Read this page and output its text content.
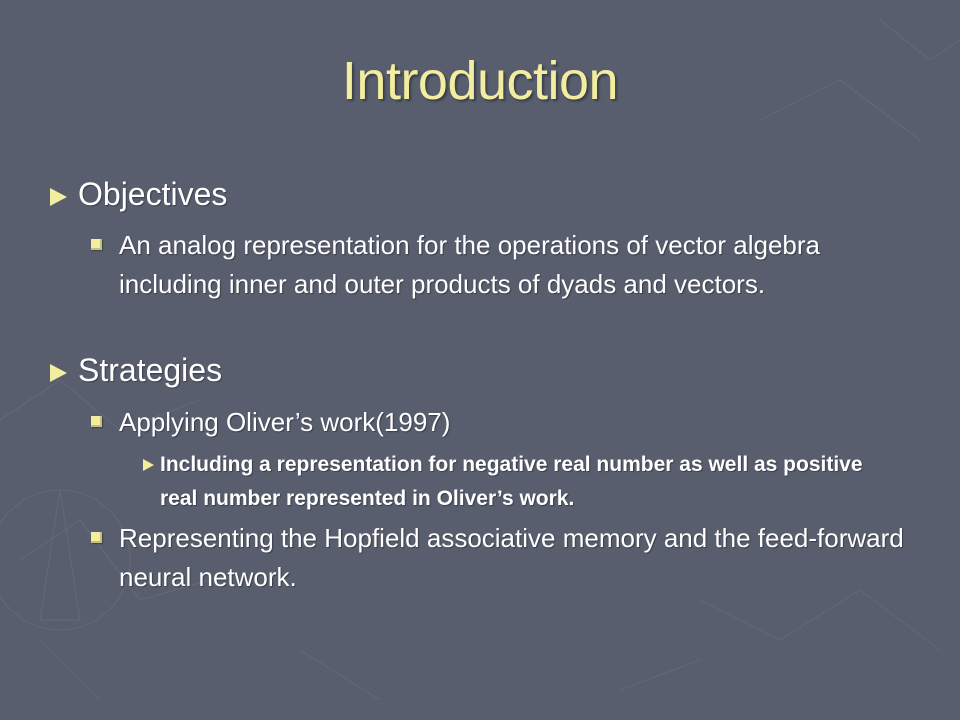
Introduction
Objectives
An analog representation for the operations of vector algebra including inner and outer products of dyads and vectors.
Strategies
Applying Oliver’s work(1997)
Including a representation for negative real number as well as positive real number represented in Oliver’s work.
Representing the Hopfield associative memory and the feed-forward neural network.
